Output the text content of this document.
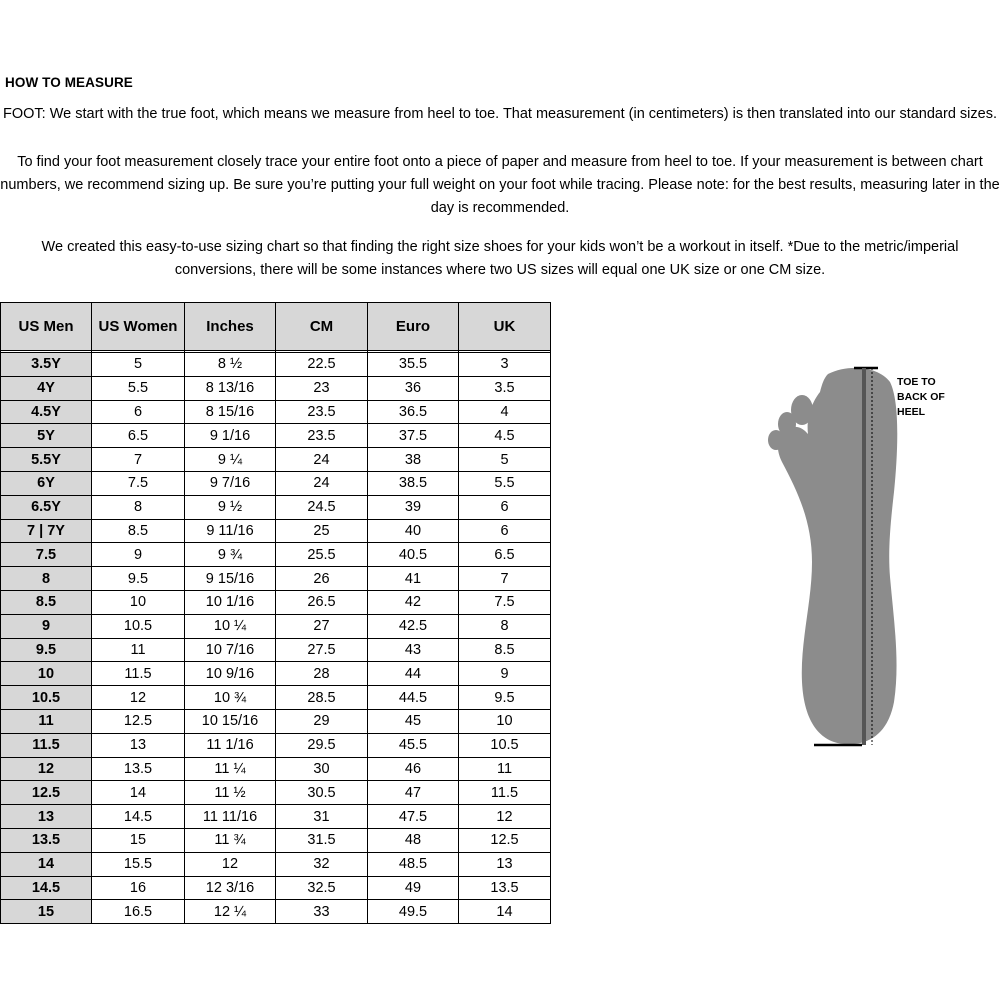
HOW TO MEASURE
FOOT: We start with the true foot, which means we measure from heel to toe. That measurement (in centimeters) is then translated into our standard sizes.
To find your foot measurement closely trace your entire foot onto a piece of paper and measure from heel to toe. If your measurement is between chart numbers, we recommend sizing up. Be sure you’re putting your full weight on your foot while tracing. Please note: for the best results, measuring later in the day is recommended.
We created this easy-to-use sizing chart so that finding the right size shoes for your kids won’t be a workout in itself. *Due to the metric/imperial conversions, there will be some instances where two US sizes will equal one UK size or one CM size.
US Men	US Women	Inches	CM	Euro	UK

3.5Y	5	8 ½	22.5	35.5	3
4Y	5.5	8 13/16	23	36	3.5
4.5Y	6	8 15/16	23.5	36.5	4
5Y	6.5	9 1/16	23.5	37.5	4.5
5.5Y	7	9 ¼	24	38	5
6Y	7.5	9 7/16	24	38.5	5.5
6.5Y	8	9 ½	24.5	39	6
7 | 7Y	8.5	9 11/16	25	40	6
7.5	9	9 ¾	25.5	40.5	6.5
8	9.5	9 15/16	26	41	7
8.5	10	10 1/16	26.5	42	7.5
9	10.5	10 ¼	27	42.5	8
9.5	11	10 7/16	27.5	43	8.5
10	11.5	10 9/16	28	44	9
10.5	12	10 ¾	28.5	44.5	9.5
11	12.5	10 15/16	29	45	10
11.5	13	11 1/16	29.5	45.5	10.5
12	13.5	11 ¼	30	46	11
12.5	14	11 ½	30.5	47	11.5
13	14.5	11 11/16	31	47.5	12
13.5	15	11 ¾	31.5	48	12.5
14	15.5	12	32	48.5	13
14.5	16	12 3/16	32.5	49	13.5
15	16.5	12 ¼	33	49.5	14
TOE TO
BACK OF
HEEL
